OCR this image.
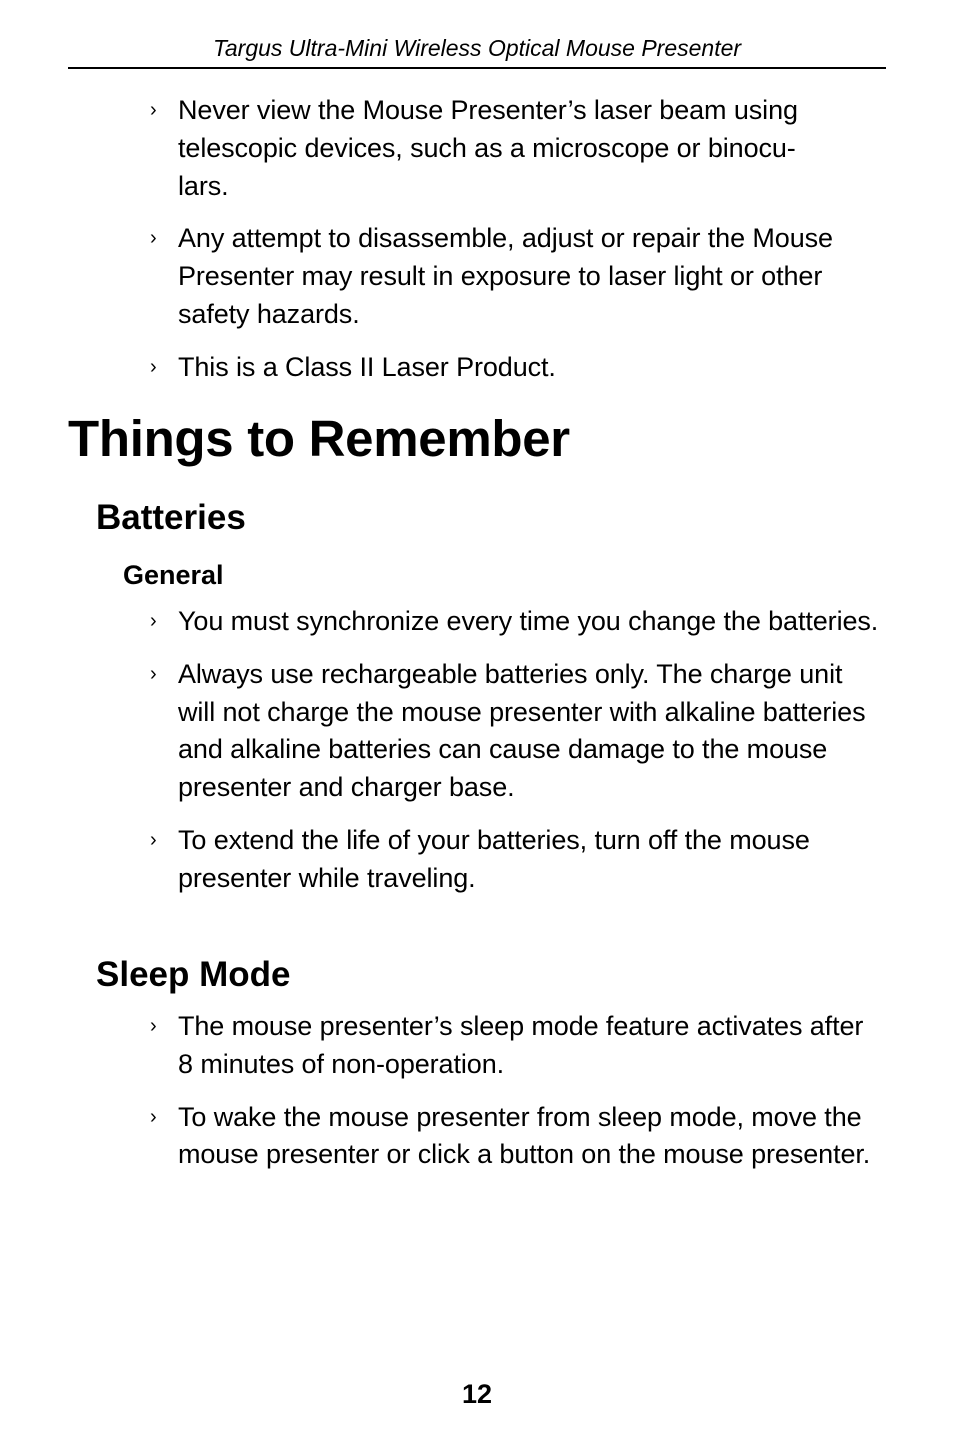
Targus Ultra-Mini Wireless Optical Mouse Presenter
› Never view the Mouse Presenter’s laser beam using telescopic devices, such as a microscope or binocu-
lars.
› Any attempt to disassemble, adjust or repair the Mouse Presenter may result in exposure to laser light or other safety hazards.
› This is a Class II Laser Product.
Things to Remember
Batteries
General
› You must synchronize every time you change the batteries.
› Always use rechargeable batteries only. The charge unit will not charge the mouse presenter with alkaline batteries and alkaline batteries can cause damage to the mouse presenter and charger base.
› To extend the life of your batteries, turn off the mouse presenter while traveling.
Sleep Mode
› The mouse presenter’s sleep mode feature activates after 8 minutes of non-operation.
› To wake the mouse presenter from sleep mode, move the mouse presenter or click a button on the mouse presenter.
12
